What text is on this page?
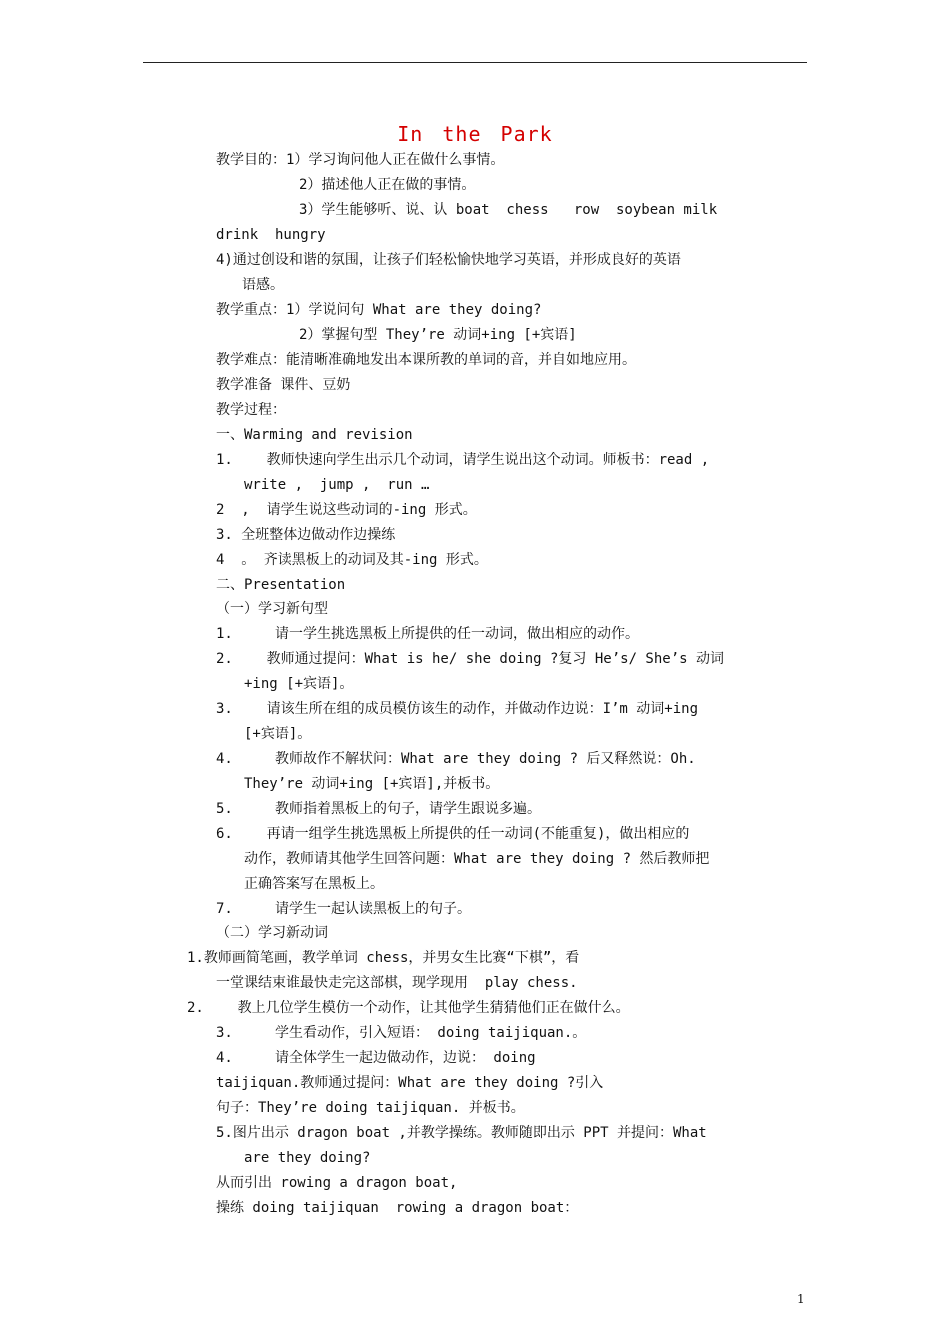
In the Park
教学目的：1）学习询问他人正在做什么事情。
2）描述他人正在做的事情。
3）学生能够听、说、认 boat  chess   row  soybean milk
drink  hungry
4)通过创设和谐的氛围，让孩子们轻松愉快地学习英语，并形成良好的英语
语感。
教学重点：1）学说问句 What are they doing?
2）掌握句型 They’re 动词+ing [+宾语]
教学难点：能清晰准确地发出本课所教的单词的音，并自如地应用。
教学准备 课件、豆奶
教学过程：
一、Warming and revision
1.    教师快速向学生出示几个动词，请学生说出这个动词。师板书：read ,
write ,  jump ,  run …
2  ,  请学生说这些动词的-ing 形式。
3. 全班整体边做动作边操练
4  。 齐读黑板上的动词及其-ing 形式。
二、Presentation
（一）学习新句型
1.     请一学生挑选黑板上所提供的任一动词，做出相应的动作。
2.    教师通过提问：What is he/ she doing ?复习 He’s/ She’s 动词
+ing [+宾语]。
3.    请该生所在组的成员模仿该生的动作，并做动作边说：I’m 动词+ing
[+宾语]。
4.     教师故作不解状问：What are they doing ? 后又释然说：Oh.
They’re 动词+ing [+宾语],并板书。
5.     教师指着黑板上的句子，请学生跟说多遍。
6.    再请一组学生挑选黑板上所提供的任一动词(不能重复)，做出相应的
动作，教师请其他学生回答问题：What are they doing ? 然后教师把
正确答案写在黑板上。
7.     请学生一起认读黑板上的句子。
（二）学习新动词
1.教师画简笔画，教学单词 chess，并男女生比赛“下棋”，看
一堂课结束谁最快走完这部棋，现学现用  play chess.
2.    教上几位学生模仿一个动作，让其他学生猜猜他们正在做什么。
3.     学生看动作，引入短语： doing taijiquan.。
4.     请全体学生一起边做动作，边说： doing
taijiquan.教师通过提问：What are they doing ?引入
句子：They’re doing taijiquan. 并板书。
5.图片出示 dragon boat ,并教学操练。教师随即出示 PPT 并提问：What
are they doing?
从而引出 rowing a dragon boat,
操练 doing taijiquan  rowing a dragon boat：
1
